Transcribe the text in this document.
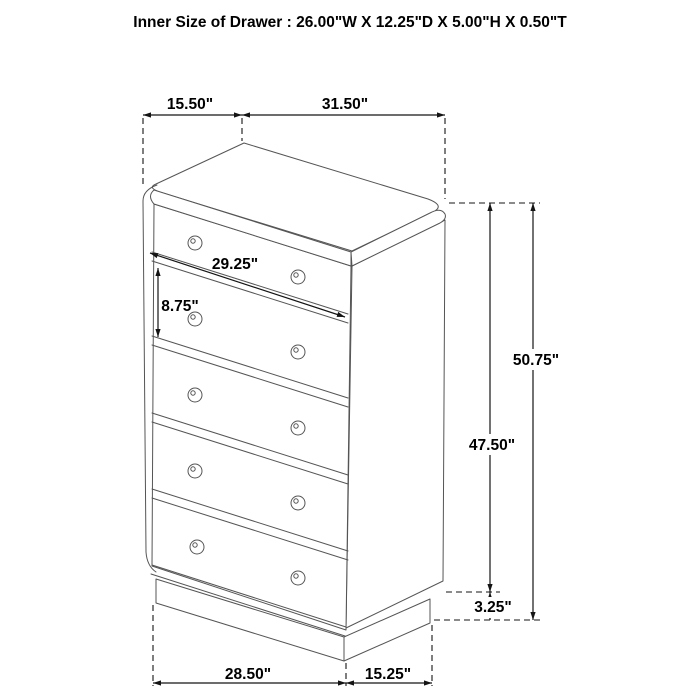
15.50"	31.50"
29.25"
8.75"
50.75"
47.50"
3.25"
28.50"	15.25"
Inner Size of Drawer : 26.00"W X 12.25"D X 5.00"H X 0.50"T
